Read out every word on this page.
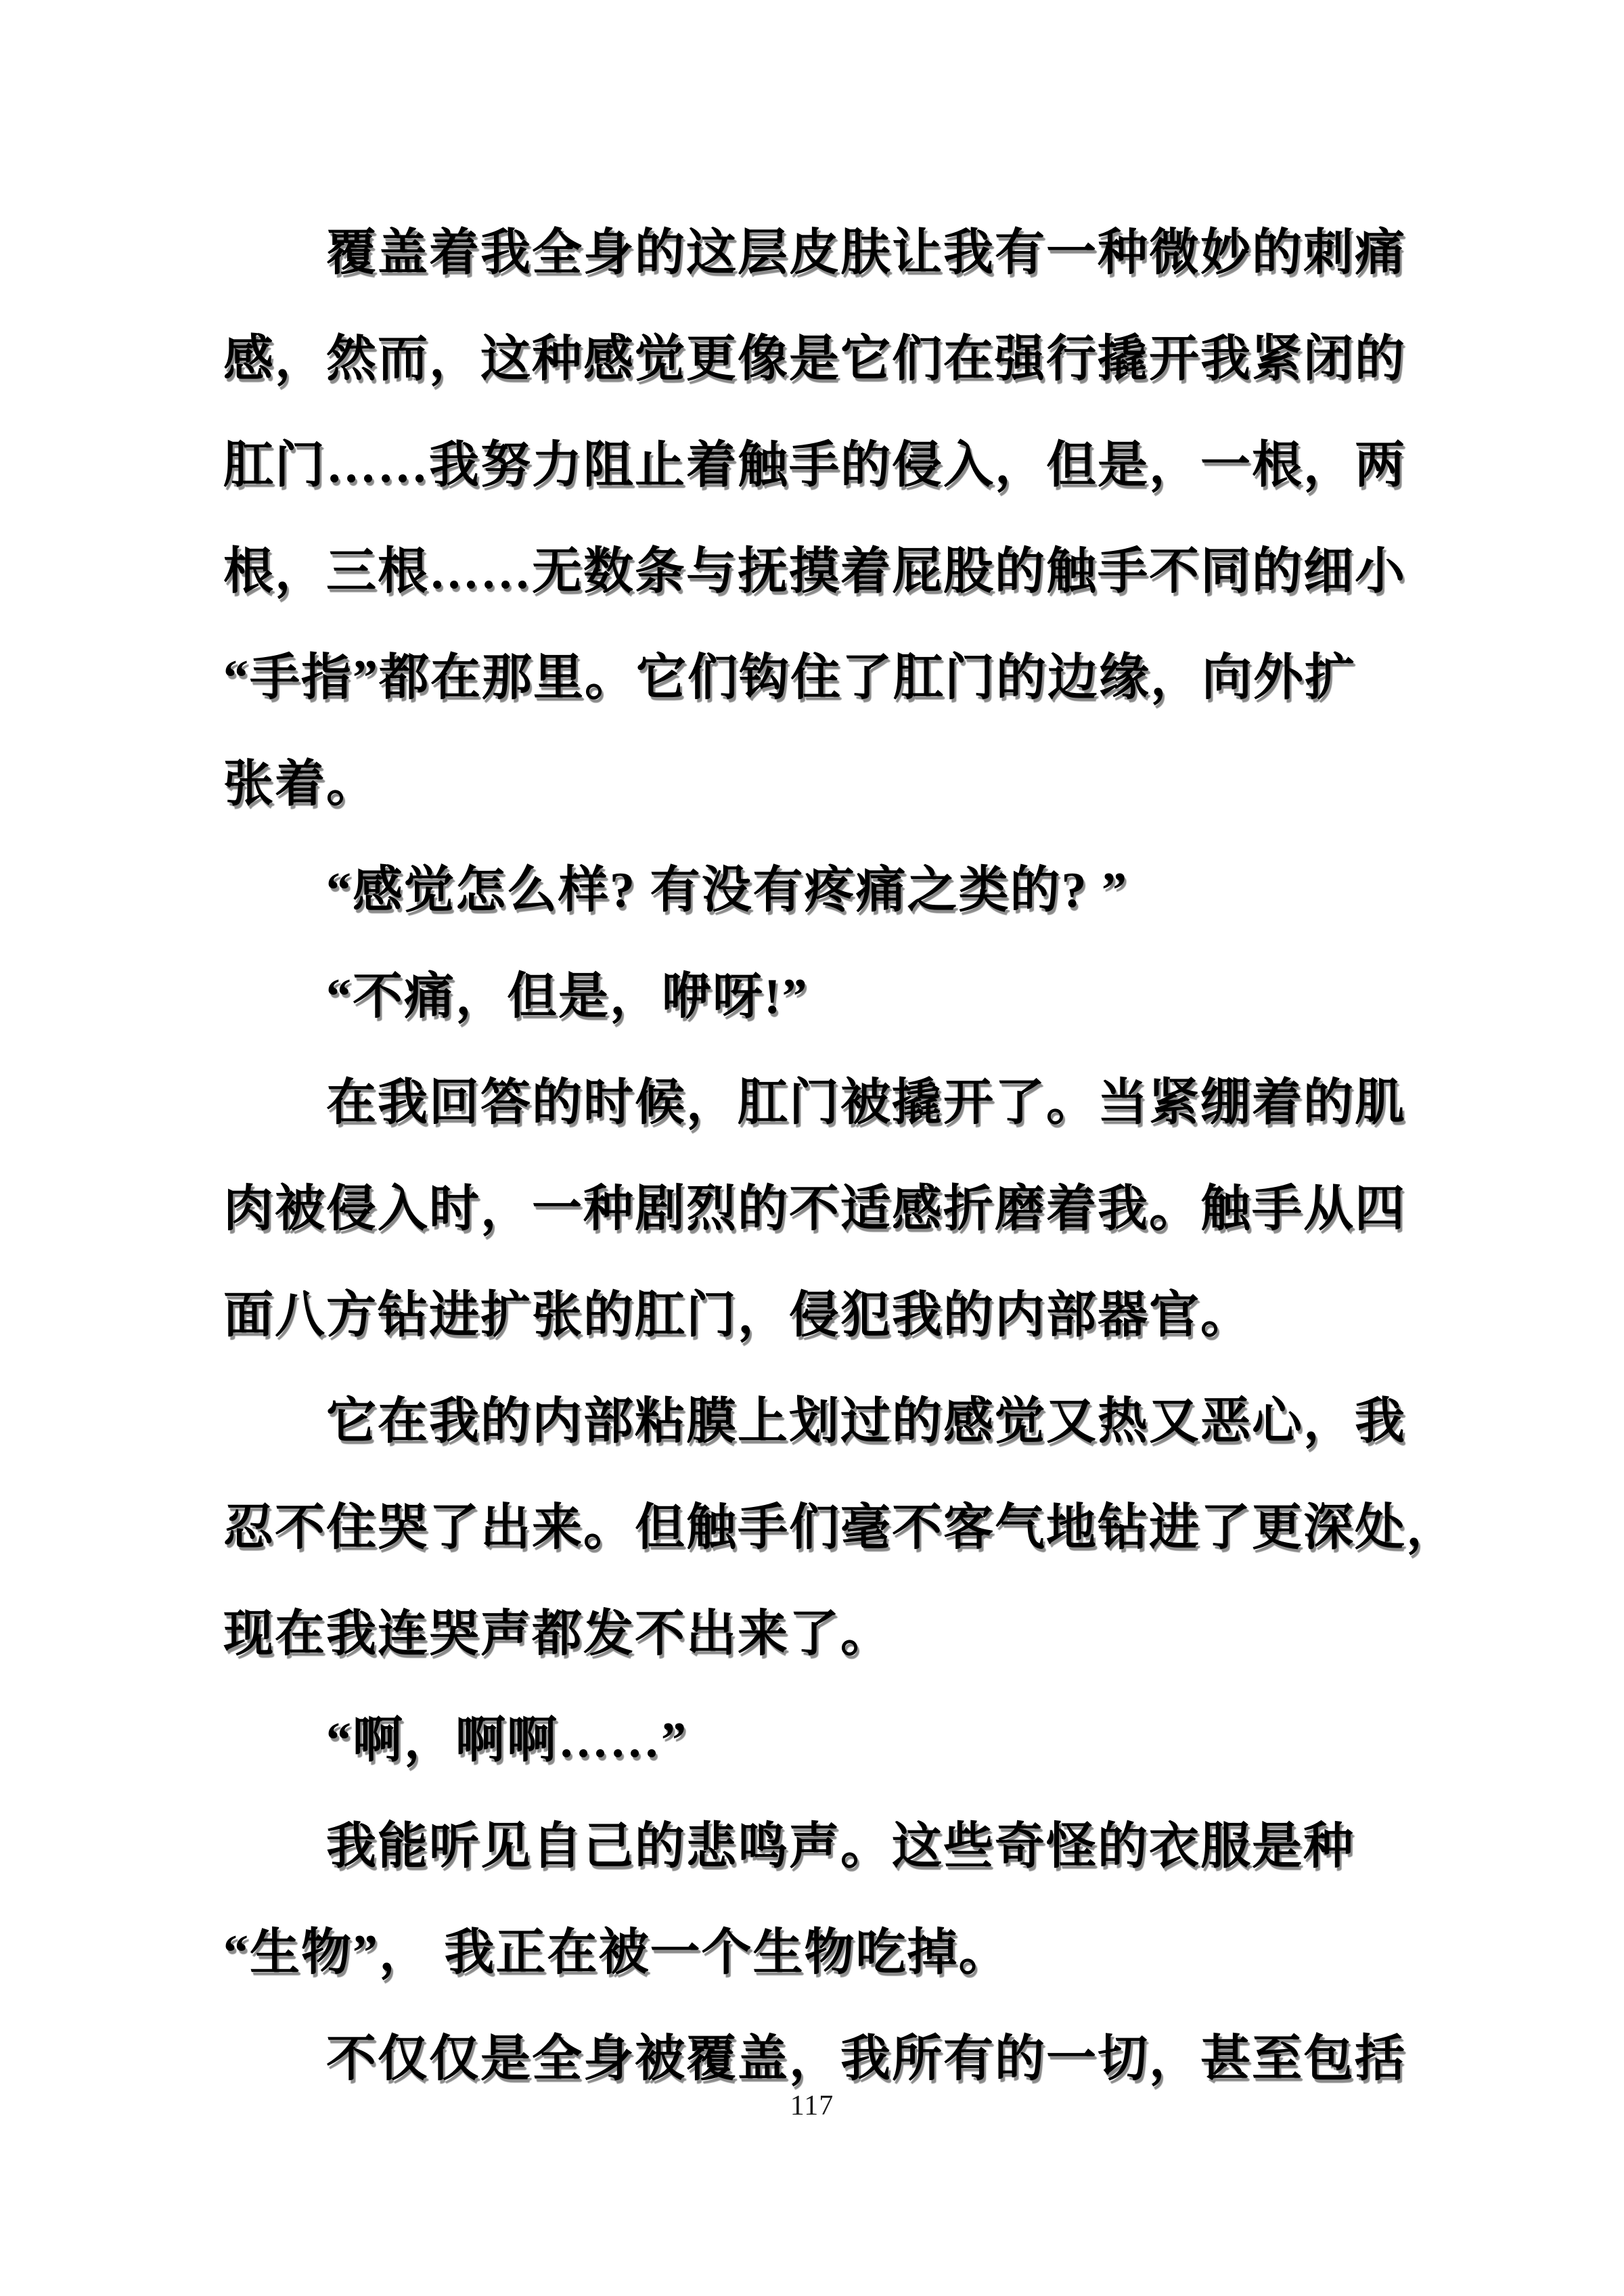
覆盖着我全身的这层皮肤让我有一种微妙的刺痛
感，然而，这种感觉更像是它们在强行撬开我紧闭的
肛门……我努力阻止着触手的侵入，但是，一根，两
根，三根……无数条与抚摸着屁股的触手不同的细小
“手指”都在那里。它们钩住了肛门的边缘，向外扩
张着。
“感觉怎么样? 有没有疼痛之类的? ”
“不痛，但是，咿呀!”
在我回答的时候，肛门被撬开了。当紧绷着的肌
肉被侵入时，一种剧烈的不适感折磨着我。触手从四
面八方钻进扩张的肛门，侵犯我的内部器官。
它在我的内部粘膜上划过的感觉又热又恶心，我
忍不住哭了出来。但触手们毫不客气地钻进了更深处，
现在我连哭声都发不出来了。
“啊，啊啊……”
我能听见自己的悲鸣声。这些奇怪的衣服是种
“生物”， 我正在被一个生物吃掉。
不仅仅是全身被覆盖，我所有的一切，甚至包括
117
